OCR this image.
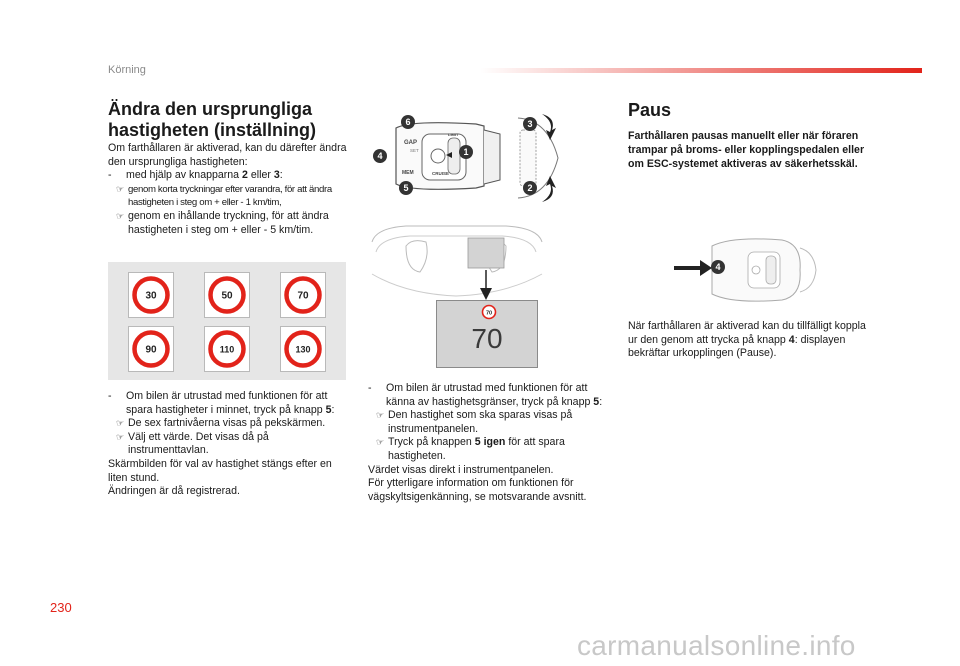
Körning
Ändra den ursprungliga hastigheten (inställning)
Om farthållaren är aktiverad, kan du därefter ändra den ursprungliga hastigheten:
- med hjälp av knapparna 2 eller 3:
☞ genom korta tryckningar efter varandra, för att ändra hastigheten i steg om + eller - 1 km/tim,
☞ genom en ihållande tryckning, för att ändra hastigheten i steg om + eller - 5 km/tim.
30	50	70
90	110	130
- Om bilen är utrustad med funktionen för att spara hastigheter i minnet, tryck på knapp 5:
☞ De sex fartnivåerna visas på pekskärmen.
☞ Välj ett värde. Det visas då på instrumenttavlan.
Skärmbilden för val av hastighet stängs efter en liten stund.
Ändringen är då registrerad.
GAP
SET
MEM	CRUISE
LIMIT
6	3
4	1
5	2
70
70
- Om bilen är utrustad med funktionen för att känna av hastighetsgränser, tryck på knapp 5:
☞ Den hastighet som ska sparas visas på instrumentpanelen.
☞ Tryck på knappen 5 igen för att spara hastigheten.
Värdet visas direkt i instrumentpanelen.
För ytterligare information om funktionen för vägskyltsigenkänning, se motsvarande avsnitt.
Paus
Farthållaren pausas manuellt eller när föraren trampar på broms- eller kopplingspedalen eller om ESC-systemet aktiveras av säkerhetsskäl.
4
När farthållaren är aktiverad kan du tillfälligt koppla ur den genom att trycka på knapp 4: displayen bekräftar urkopplingen (Pause).
230
carmanualsonline.info
